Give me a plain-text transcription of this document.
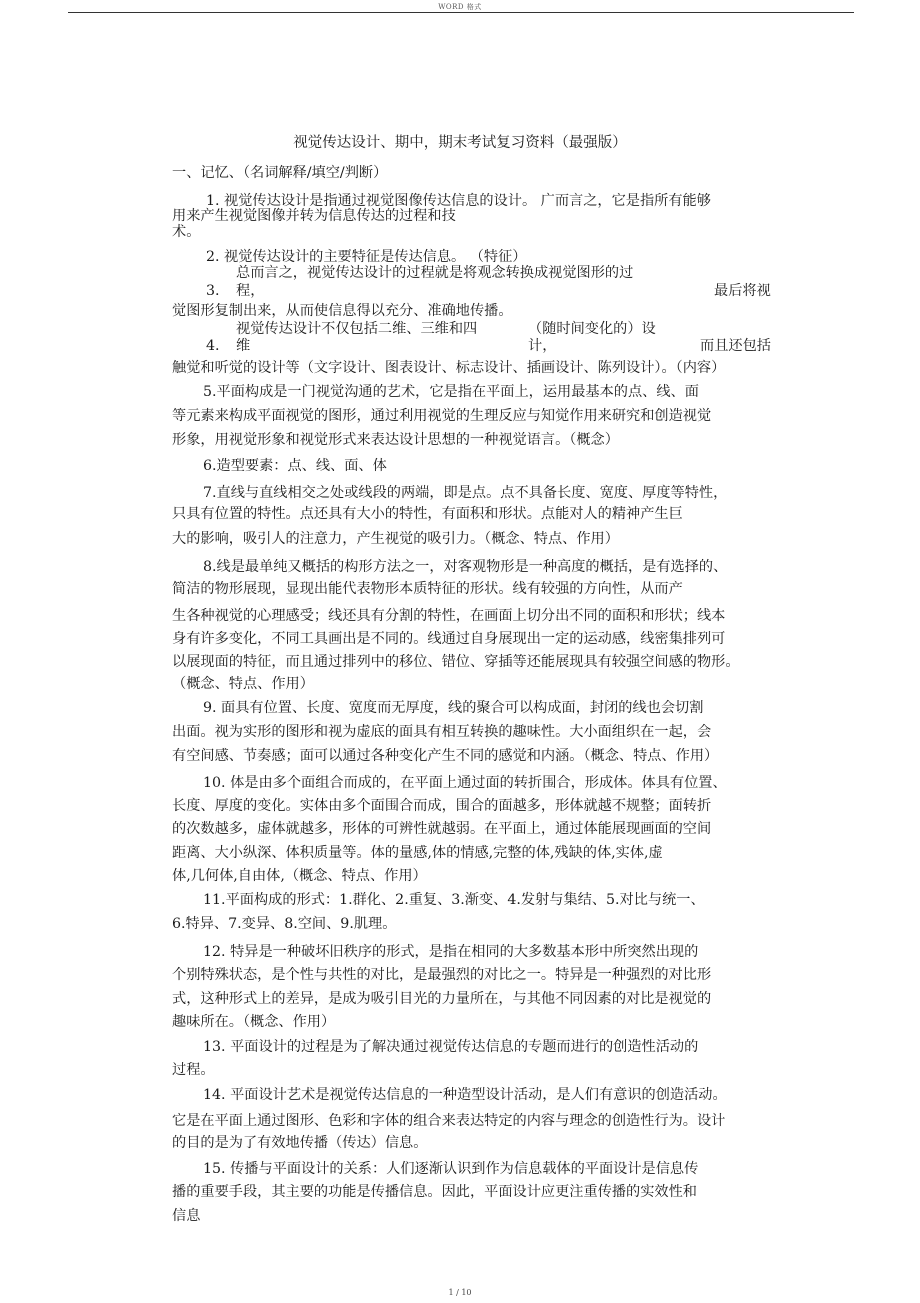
WORD 格式
视觉传达设计、期中，期末考试复习资料（最强版）
一、记忆、（名词解释/填空/判断）
1. 视觉传达设计是指通过视觉图像传达信息的设计。 广而言之，它是指所有能够
用来产生视觉图像并转为信息传达的过程和技
术。
2. 视觉传达设计的主要特征是传达信息。 （特征）
总而言之，视觉传达设计的过程就是将观念转换成视觉图形的过
3. 程，	最后将视
觉图形复制出来，从而使信息得以充分、准确地传播。
视觉传达设计不仅包括二维、三维和四	（随时间变化的）设
4. 维	计，	而且还包括
触觉和听觉的设计等（文字设计、图表设计、标志设计、插画设计、陈列设计）。（内容）
5.平面构成是一门视觉沟通的艺术，它是指在平面上，运用最基本的点、线、面
等元素来构成平面视觉的图形，通过利用视觉的生理反应与知觉作用来研究和创造视觉
形象，用视觉形象和视觉形式来表达设计思想的一种视觉语言。（概念）
6.造型要素：点、线、面、体
7.直线与直线相交之处或线段的两端，即是点。点不具备长度、宽度、厚度等特性，
只具有位置的特性。点还具有大小的特性，有面积和形状。点能对人的精神产生巨
大的影响，吸引人的注意力，产生视觉的吸引力。（概念、特点、作用）
8.线是最单纯又概括的构形方法之一，对客观物形是一种高度的概括，是有选择的、
简洁的物形展现，显现出能代表物形本质特征的形状。线有较强的方向性，从而产
生各种视觉的心理感受；线还具有分割的特性，在画面上切分出不同的面积和形状；线本
身有许多变化，不同工具画出是不同的。线通过自身展现出一定的运动感，线密集排列可
以展现面的特征，而且通过排列中的移位、错位、穿插等还能展现具有较强空间感的物形。
（概念、特点、作用）
9. 面具有位置、长度、宽度而无厚度，线的聚合可以构成面，封闭的线也会切割
出面。视为实形的图形和视为虚底的面具有相互转换的趣味性。大小面组织在一起，会
有空间感、节奏感；面可以通过各种变化产生不同的感觉和内涵。（概念、特点、作用）
10. 体是由多个面组合而成的，在平面上通过面的转折围合，形成体。体具有位置、
长度、厚度的变化。实体由多个面围合而成，围合的面越多，形体就越不规整；面转折
的次数越多，虚体就越多，形体的可辨性就越弱。在平面上，通过体能展现画面的空间
距离、大小纵深、体积质量等。体的量感,体的情感,完整的体,残缺的体,实体,虚
体,几何体,自由体,（概念、特点、作用）
11.平面构成的形式：1.群化、2.重复、3.渐变、4.发射与集结、5.对比与统一、
6.特异、7.变异、8.空间、9.肌理。
12. 特异是一种破坏旧秩序的形式，是指在相同的大多数基本形中所突然出现的
个别特殊状态，是个性与共性的对比，是最强烈的对比之一。特异是一种强烈的对比形
式，这种形式上的差异，是成为吸引目光的力量所在，与其他不同因素的对比是视觉的
趣味所在。（概念、作用）
13. 平面设计的过程是为了解决通过视觉传达信息的专题而进行的创造性活动的
过程。
14. 平面设计艺术是视觉传达信息的一种造型设计活动，是人们有意识的创造活动。
它是在平面上通过图形、色彩和字体的组合来表达特定的内容与理念的创造性行为。设计
的目的是为了有效地传播（传达）信息。
15. 传播与平面设计的关系：人们逐渐认识到作为信息载体的平面设计是信息传
播的重要手段，其主要的功能是传播信息。因此，平面设计应更注重传播的实效性和
信息
1 / 10
